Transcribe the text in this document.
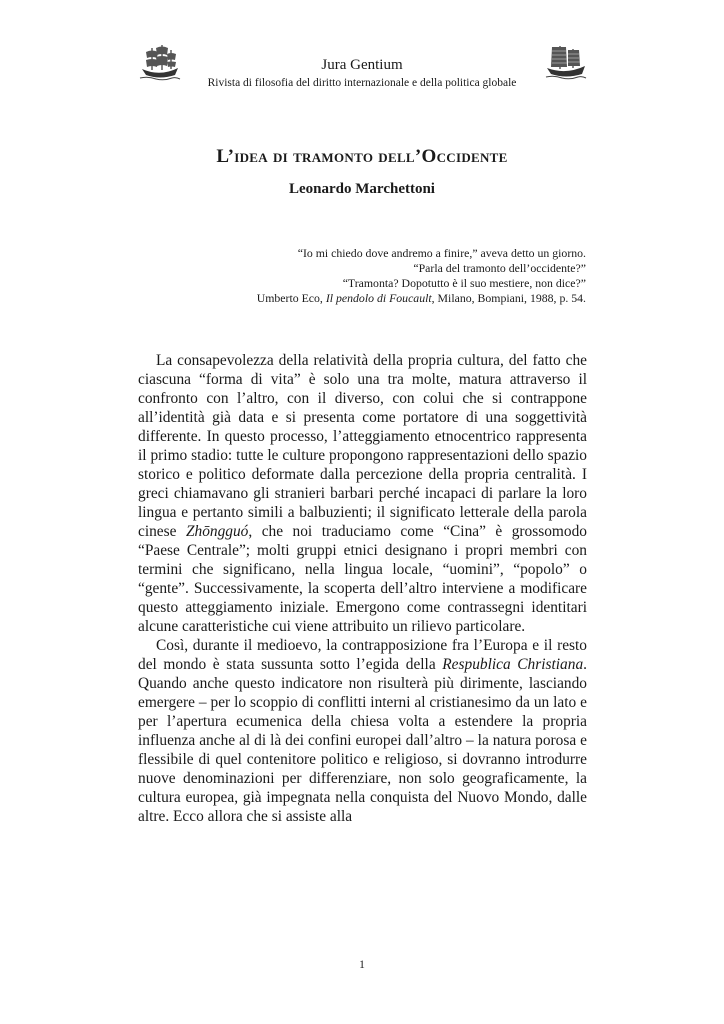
Jura Gentium
Rivista di filosofia del diritto internazionale e della politica globale
L’idea di tramonto dell’Occidente
Leonardo Marchettoni

“Io mi chiedo dove andremo a finire,” aveva detto un giorno.

“Parla del tramonto dell’occidente?”

“Tramonta? Dopotutto è il suo mestiere, non dice?”

Umberto Eco, Il pendolo di Foucault, Milano, Bompiani, 1988, p. 54.

La consapevolezza della relatività della propria cultura, del fatto che ciascuna “forma di vita” è solo una tra molte, matura attraverso il confronto con l’altro, con il diverso, con colui che si contrappone all’identità già data e si presenta come portatore di una soggettività differente. In questo processo, l’atteggiamento etnocentrico rappresenta il primo stadio: tutte le culture propongono rappresentazioni dello spazio storico e politico deformate dalla percezione della propria centralità. I greci chiamavano gli stranieri barbari perché incapaci di parlare la loro lingua e pertanto simili a balbuzienti; il significato letterale della parola cinese Zhōngguó, che noi traduciamo come “Cina” è grossomodo “Paese Centrale”; molti gruppi etnici designano i propri membri con termini che significano, nella lingua locale, “uomini”, “popolo” o “gente”. Successivamente, la scoperta dell’altro interviene a modificare questo atteggiamento iniziale. Emergono come contrassegni identitari alcune caratteristiche cui viene attribuito un rilievo particolare.

Così, durante il medioevo, la contrapposizione fra l’Europa e il resto del mondo è stata sussunta sotto l’egida della Respublica Christiana. Quando anche questo indicatore non risulterà più dirimente, lasciando emergere – per lo scoppio di conflitti interni al cristianesimo da un lato e per l’apertura ecumenica della chiesa volta a estendere la propria influenza anche al di là dei confini europei dall’altro – la natura porosa e flessibile di quel contenitore politico e religioso, si dovranno introdurre nuove denominazioni per differenziare, non solo geograficamente, la cultura europea, già impegnata nella conquista del Nuovo Mondo, dalle altre. Ecco allora che si assiste alla

1
